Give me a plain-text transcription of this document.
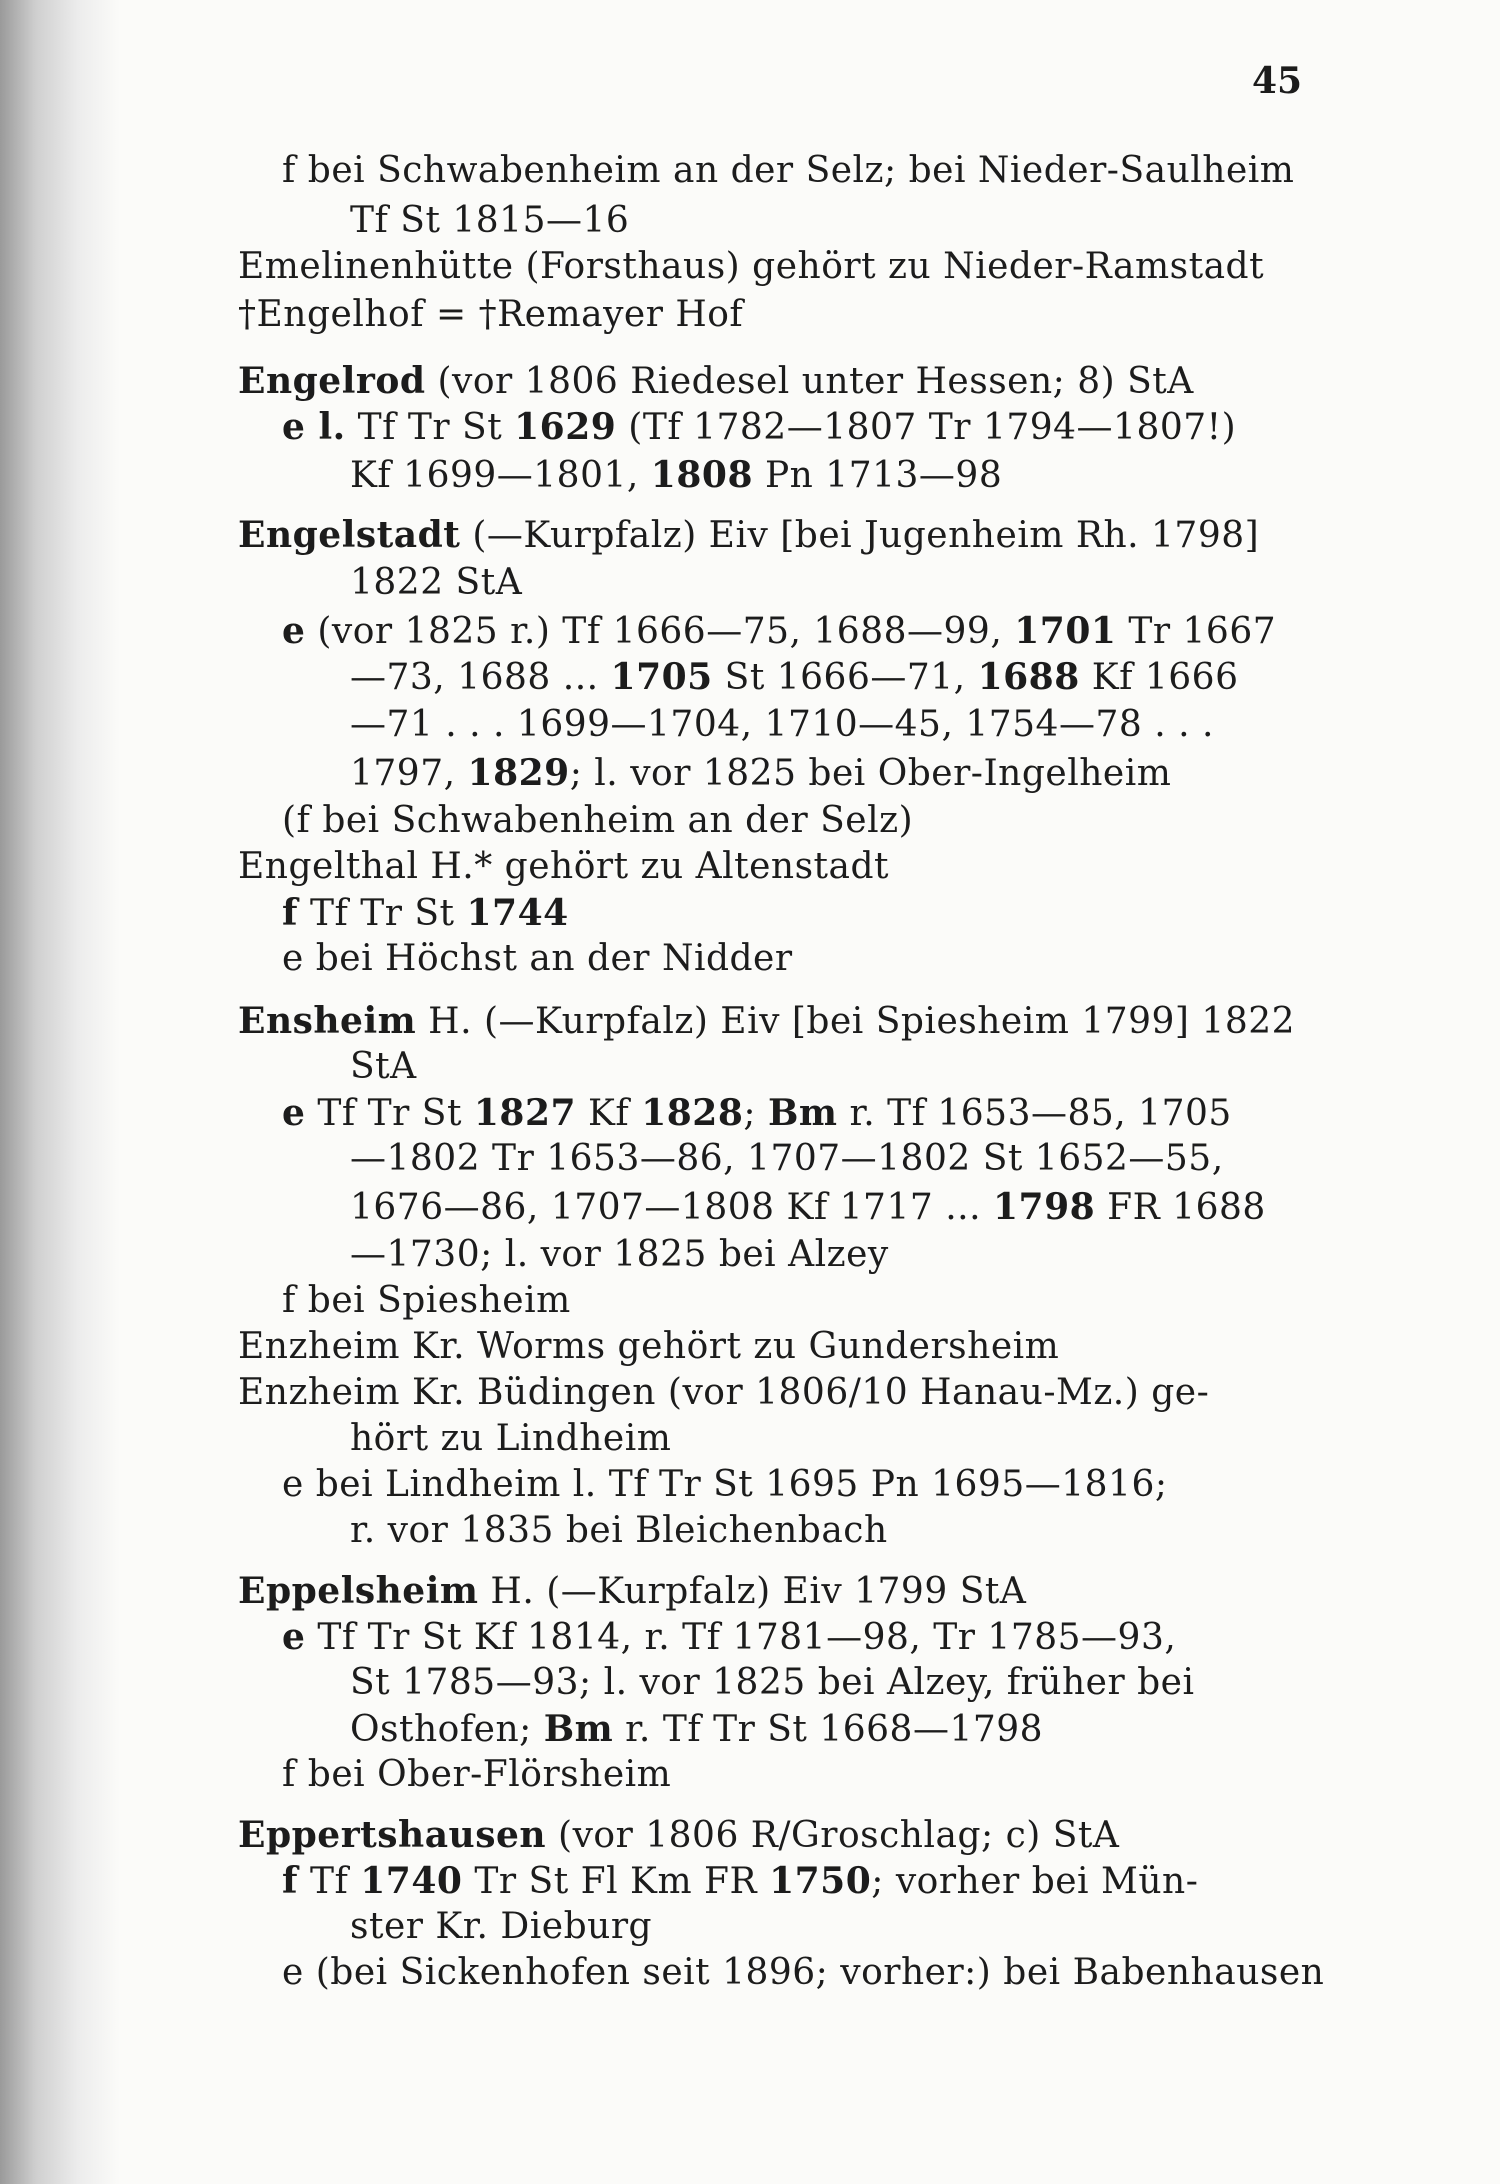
45
f bei Schwabenheim an der Selz; bei Nieder-Saulheim
Tf St 1815—16
Emelinenhütte (Forsthaus) gehört zu Nieder-Ramstadt
†Engelhof = †Remayer Hof
Engelrod (vor 1806 Riedesel unter Hessen; 8) StA
e l. Tf Tr St 1629 (Tf 1782—1807 Tr 1794—1807!)
Kf 1699—1801, 1808 Pn 1713—98
Engelstadt (—Kurpfalz) Eiv [bei Jugenheim Rh. 1798]
1822 StA
e (vor 1825 r.) Tf 1666—75, 1688—99, 1701 Tr 1667
—73, 1688 ... 1705 St 1666—71, 1688 Kf 1666
—71 . . . 1699—1704, 1710—45, 1754—78 . . .
1797, 1829; l. vor 1825 bei Ober-Ingelheim
(f bei Schwabenheim an der Selz)
Engelthal H.* gehört zu Altenstadt
f Tf Tr St 1744
e bei Höchst an der Nidder
Ensheim H. (—Kurpfalz) Eiv [bei Spiesheim 1799] 1822
StA
e Tf Tr St 1827 Kf 1828; Bm r. Tf 1653—85, 1705
—1802 Tr 1653—86, 1707—1802 St 1652—55,
1676—86, 1707—1808 Kf 1717 ... 1798 FR 1688
—1730; l. vor 1825 bei Alzey
f bei Spiesheim
Enzheim Kr. Worms gehört zu Gundersheim
Enzheim Kr. Büdingen (vor 1806/10 Hanau-Mz.) ge-
hört zu Lindheim
e bei Lindheim l. Tf Tr St 1695 Pn 1695—1816;
r. vor 1835 bei Bleichenbach
Eppelsheim H. (—Kurpfalz) Eiv 1799 StA
e Tf Tr St Kf 1814, r. Tf 1781—98, Tr 1785—93,
St 1785—93; l. vor 1825 bei Alzey, früher bei
Osthofen; Bm r. Tf Tr St 1668—1798
f bei Ober-Flörsheim
Eppertshausen (vor 1806 R/Groschlag; c) StA
f Tf 1740 Tr St Fl Km FR 1750; vorher bei Mün-
ster Kr. Dieburg
e (bei Sickenhofen seit 1896; vorher:) bei Babenhausen
